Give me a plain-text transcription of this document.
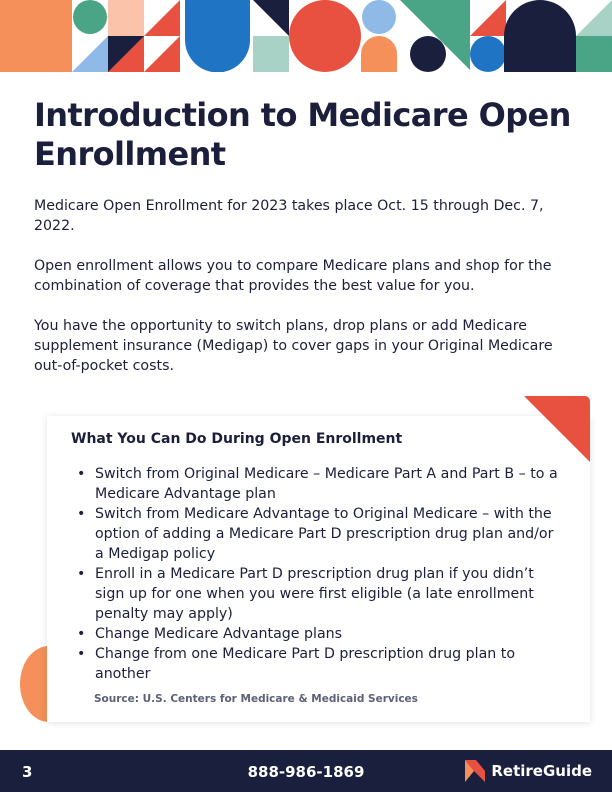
Introduction to Medicare Open Enrollment

Medicare Open Enrollment for 2023 takes place Oct. 15 through Dec. 7, 2022.

Open enrollment allows you to compare Medicare plans and shop for the combination of coverage that provides the best value for you.

You have the opportunity to switch plans, drop plans or add Medicare supplement insurance (Medigap) to cover gaps in your Original Medicare out-of-pocket costs.

What You Can Do During Open Enrollment
• Switch from Original Medicare – Medicare Part A and Part B – to a Medicare Advantage plan
• Switch from Medicare Advantage to Original Medicare – with the option of adding a Medicare Part D prescription drug plan and/or a Medigap policy
• Enroll in a Medicare Part D prescription drug plan if you didn’t sign up for one when you were first eligible (a late enrollment penalty may apply)
• Change Medicare Advantage plans
• Change from one Medicare Part D prescription drug plan to another

Source: U.S. Centers for Medicare & Medicaid Services

3	888-986-1869	RetireGuide
